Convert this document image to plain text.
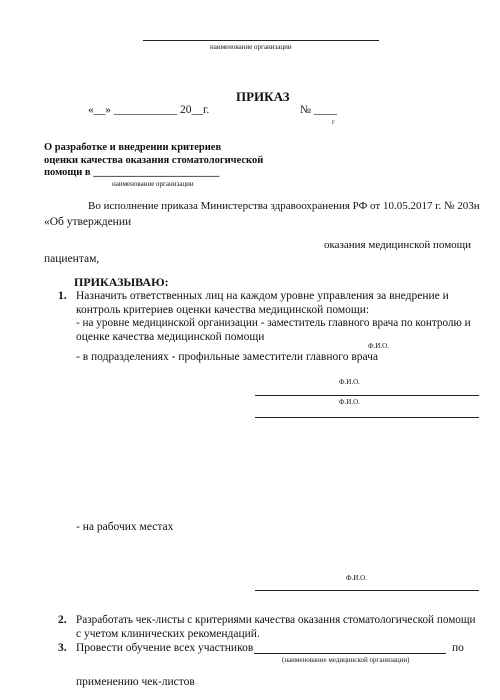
наименование организации
ПРИКАЗ
«__» ___________ 20__г.	№ ____
г
О разработке и внедрении критериев
оценки качества оказания стоматологической
помощи в ________________________
наименование организации
Во исполнение приказа Министерства здравоохранения РФ от 10.05.2017 г. № 203н
«Об утверждении
оказания медицинской помощи
пациентам,
ПРИКАЗЫВАЮ:
1. Назначить ответственных лиц на каждом уровне управления за внедрение и
контроль критериев оценки качества медицинской помощи:
- на уровне медицинской организации - заместитель главного врача по контролю и
оценке качества медицинской помощи
Ф.И.О.
- в подразделениях - профильные заместители главного врача
Ф.И.О.
Ф.И.О.
- на рабочих местах
Ф.И.О.
2. Разработать чек-листы с критериями качества оказания стоматологической помощи
с учетом клинических рекомендаций.
3. Провести обучение всех участников	по
(наименование медицинской организации)
применению чек-листов
